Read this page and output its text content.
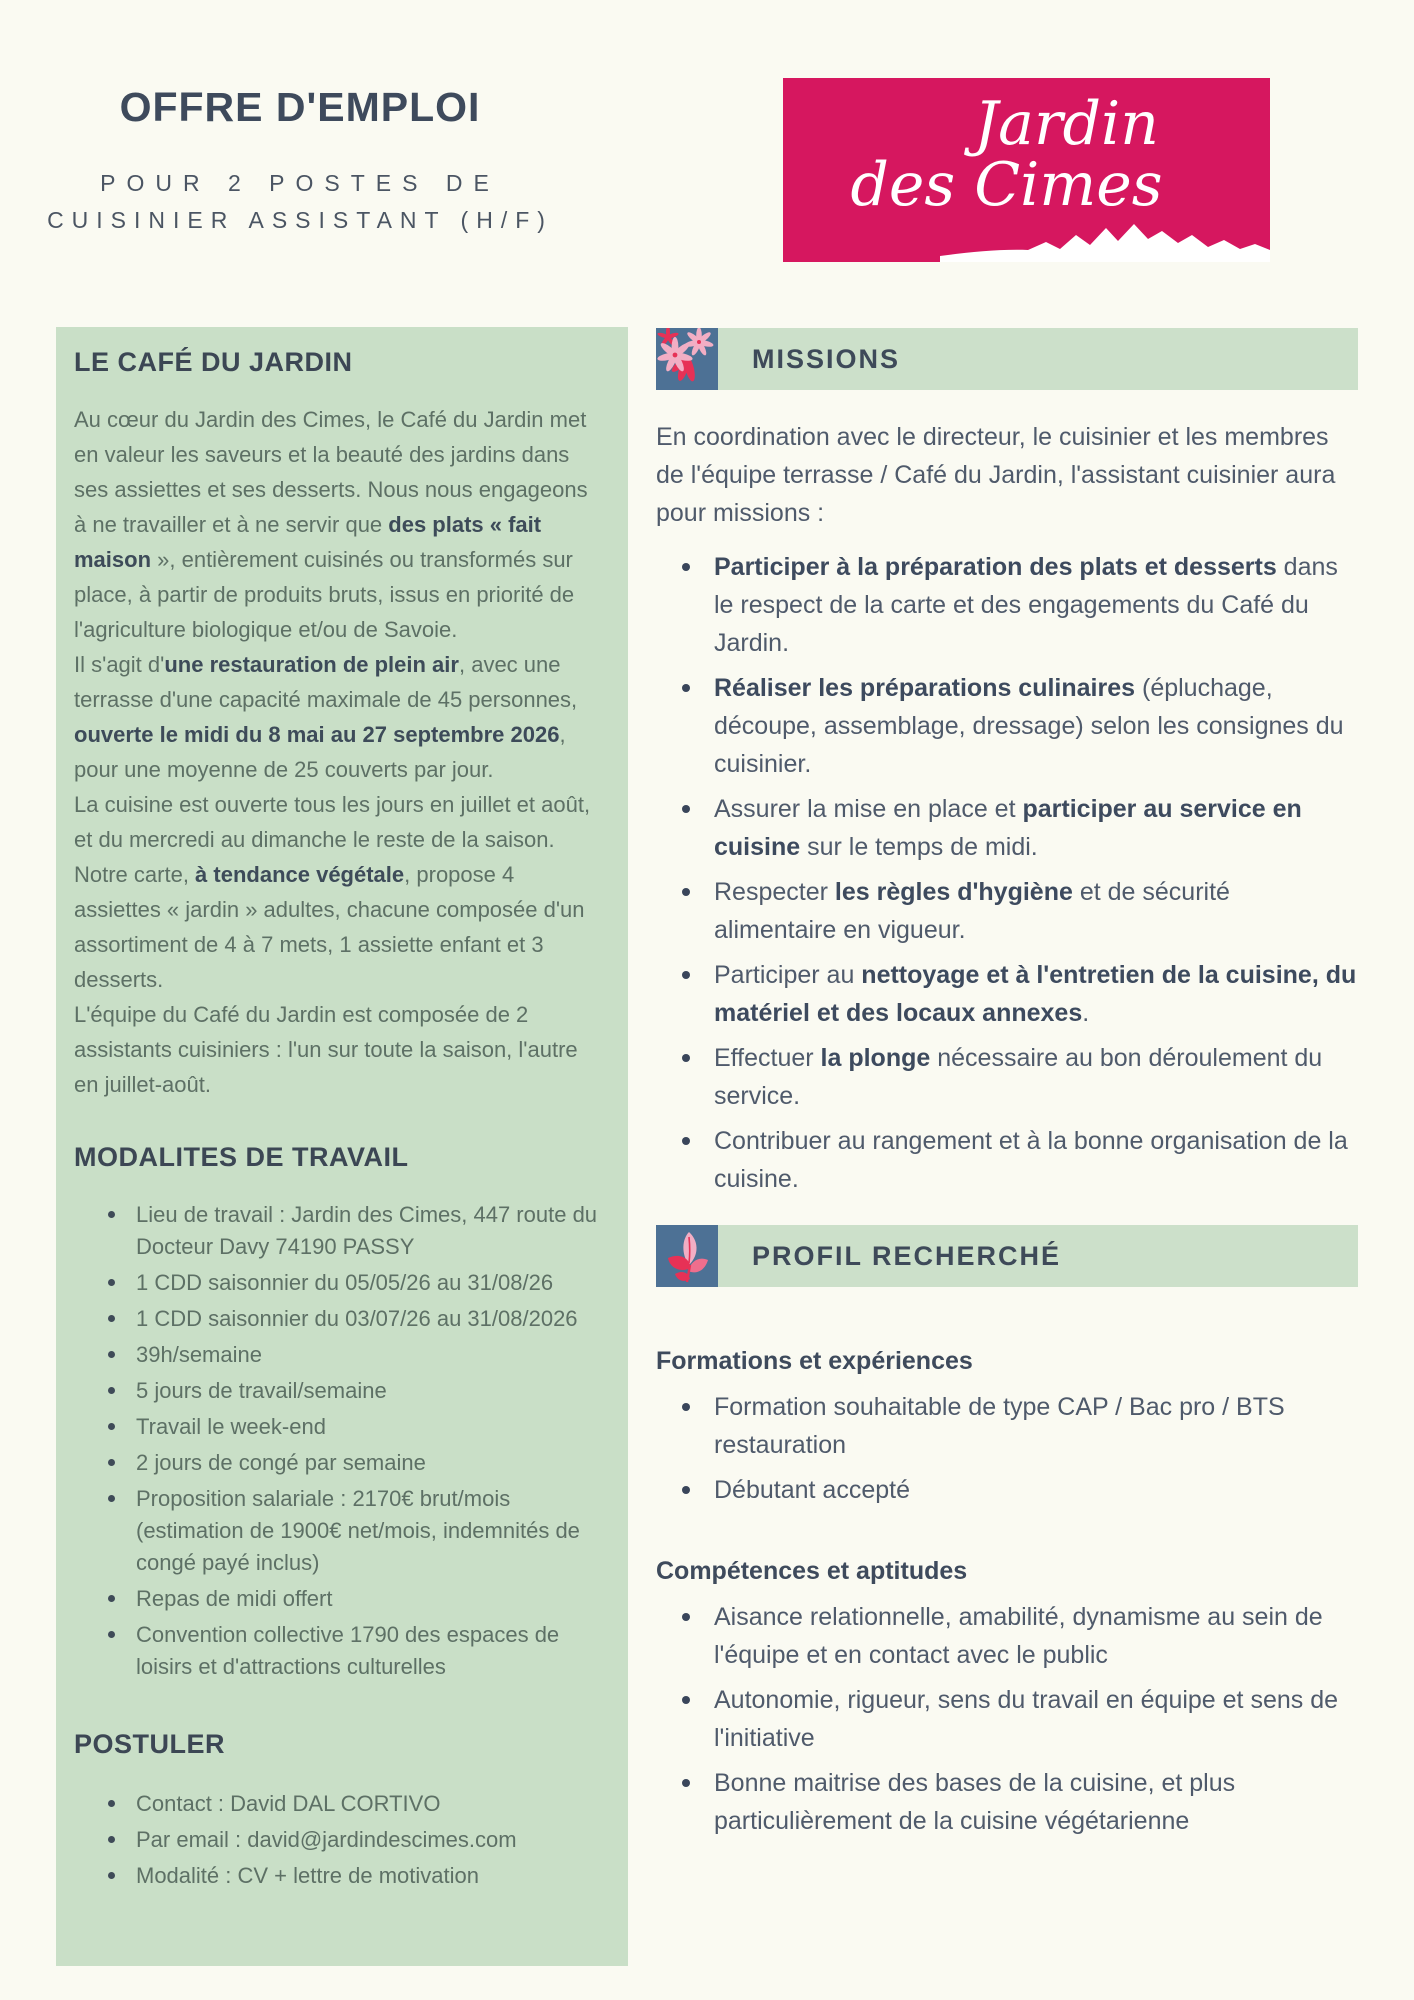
OFFRE D'EMPLOI
POUR 2 POSTES DE
CUISINIER ASSISTANT (H/F)
Jardin
des Cimes
LE CAFÉ DU JARDIN

Au cœur du Jardin des Cimes, le Café du Jardin met en valeur les saveurs et la beauté des jardins dans ses assiettes et ses desserts. Nous nous engageons à ne travailler et à ne servir que des plats « fait maison », entièrement cuisinés ou transformés sur place, à partir de produits bruts, issus en priorité de l'agriculture biologique et/ou de Savoie.

Il s'agit d'une restauration de plein air, avec une terrasse d'une capacité maximale de 45 personnes, ouverte le midi du 8 mai au 27 septembre 2026, pour une moyenne de 25 couverts par jour.

La cuisine est ouverte tous les jours en juillet et août, et du mercredi au dimanche le reste de la saison.

Notre carte, à tendance végétale, propose 4 assiettes « jardin » adultes, chacune composée d'un assortiment de 4 à 7 mets, 1 assiette enfant et 3 desserts.

L'équipe du Café du Jardin est composée de 2 assistants cuisiniers : l'un sur toute la saison, l'autre en juillet-août.

MODALITES DE TRAVAIL
Lieu de travail : Jardin des Cimes, 447 route du Docteur Davy 74190 PASSY
1 CDD saisonnier du 05/05/26 au 31/08/26
1 CDD saisonnier du 03/07/26 au 31/08/2026
39h/semaine
5 jours de travail/semaine
Travail le week-end
2 jours de congé par semaine
Proposition salariale : 2170€ brut/mois (estimation de 1900€ net/mois, indemnités de congé payé inclus)
Repas de midi offert
Convention collective 1790 des espaces de loisirs et d'attractions culturelles
POSTULER
Contact : David DAL CORTIVO
Par email : david@jardindescimes.com
Modalité : CV + lettre de motivation
MISSIONS

En coordination avec le directeur, le cuisinier et les membres de l'équipe terrasse / Café du Jardin, l'assistant cuisinier aura pour missions :

Participer à la préparation des plats et desserts dans le respect de la carte et des engagements du Café du Jardin.
Réaliser les préparations culinaires (épluchage, découpe, assemblage, dressage) selon les consignes du cuisinier.
Assurer la mise en place et participer au service en cuisine sur le temps de midi.
Respecter les règles d'hygiène et de sécurité alimentaire en vigueur.
Participer au nettoyage et à l'entretien de la cuisine, du matériel et des locaux annexes.
Effectuer la plonge nécessaire au bon déroulement du service.
Contribuer au rangement et à la bonne organisation de la cuisine.
PROFIL RECHERCHÉ
Formations et expériences
Formation souhaitable de type CAP / Bac pro / BTS restauration
Débutant accepté
Compétences et aptitudes
Aisance relationnelle, amabilité, dynamisme au sein de l'équipe et en contact avec le public
Autonomie, rigueur, sens du travail en équipe et sens de l'initiative
Bonne maitrise des bases de la cuisine, et plus particulièrement de la cuisine végétarienne
